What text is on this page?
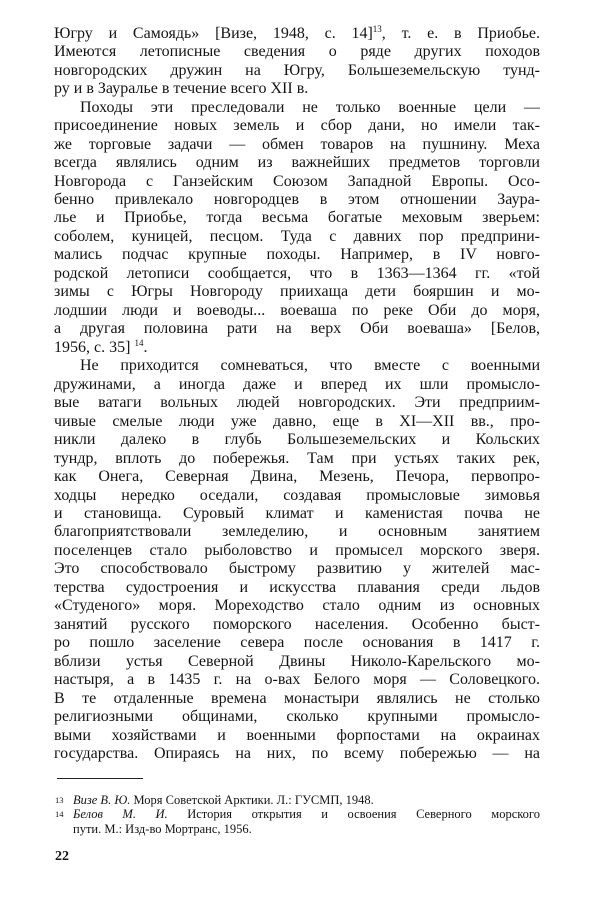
Югру и Самоядь» [Визе, 1948, с. 14]$^{13}$, т. е. в Приобье.
Имеются летописные сведения о ряде других походов
новгородских дружин на Югру, Большеземельскую тунд-
ру и в Зауралье в течение всего XII в.
Походы эти преследовали не только военные цели —
присоединение новых земель и сбор дани, но имели так-
же торговые задачи — обмен товаров на пушнину. Меха
всегда являлись одним из важнейших предметов торговли
Новгорода с Ганзейским Союзом Западной Европы. Осо-
бенно привлекало новгородцев в этом отношении Заура-
лье и Приобье, тогда весьма богатые меховым зверьем:
соболем, куницей, песцом. Туда с давних пор предприни-
мались подчас крупные походы. Например, в IV новго-
родской летописи сообщается, что в 1363—1364 гг. «той
зимы с Югры Новгороду приихаща дети бояршин и мо-
лодшии люди и воеводы... воеваша по реке Оби до моря,
а другая половина рати на верх Оби воеваша» [Белов,
1956, с. 35] $^{14}$.
Не приходится сомневаться, что вместе с военными
дружинами, а иногда даже и вперед их шли промысло-
вые ватаги вольных людей новгородских. Эти предприим-
чивые смелые люди уже давно, еще в XI—XII вв., про-
никли далеко в глубь Большеземельских и Кольских
тундр, вплоть до побережья. Там при устьях таких рек,
как Онега, Северная Двина, Мезень, Печора, первопро-
ходцы нередко оседали, создавая промысловые зимовья
и становища. Суровый климат и каменистая почва не
благоприятствовали земледелию, и основным занятием
поселенцев стало рыболовство и промысел морского зверя.
Это способствовало быстрому развитию у жителей мас-
терства судостроения и искусства плавания среди льдов
«Студеного» моря. Мореходство стало одним из основных
занятий русского поморского населения. Особенно быст-
ро пошло заселение севера после основания в 1417 г.
вблизи устья Северной Двины Николо-Карельского мо-
настыря, а в 1435 г. на о-вах Белого моря — Соловецкого.
В те отдаленные времена монастыри являлись не столько
религиозными общинами, сколько крупными промысло-
выми хозяйствами и военными форпостами на окраинах
государства. Опираясь на них, по всему побережью — на
13 Визе В. Ю. Моря Советской Арктики. Л.: ГУСМП, 1948.
14 Белов М. И. История открытия и освоения Северного морского
пути. М.: Изд-во Мортранс, 1956.
22
